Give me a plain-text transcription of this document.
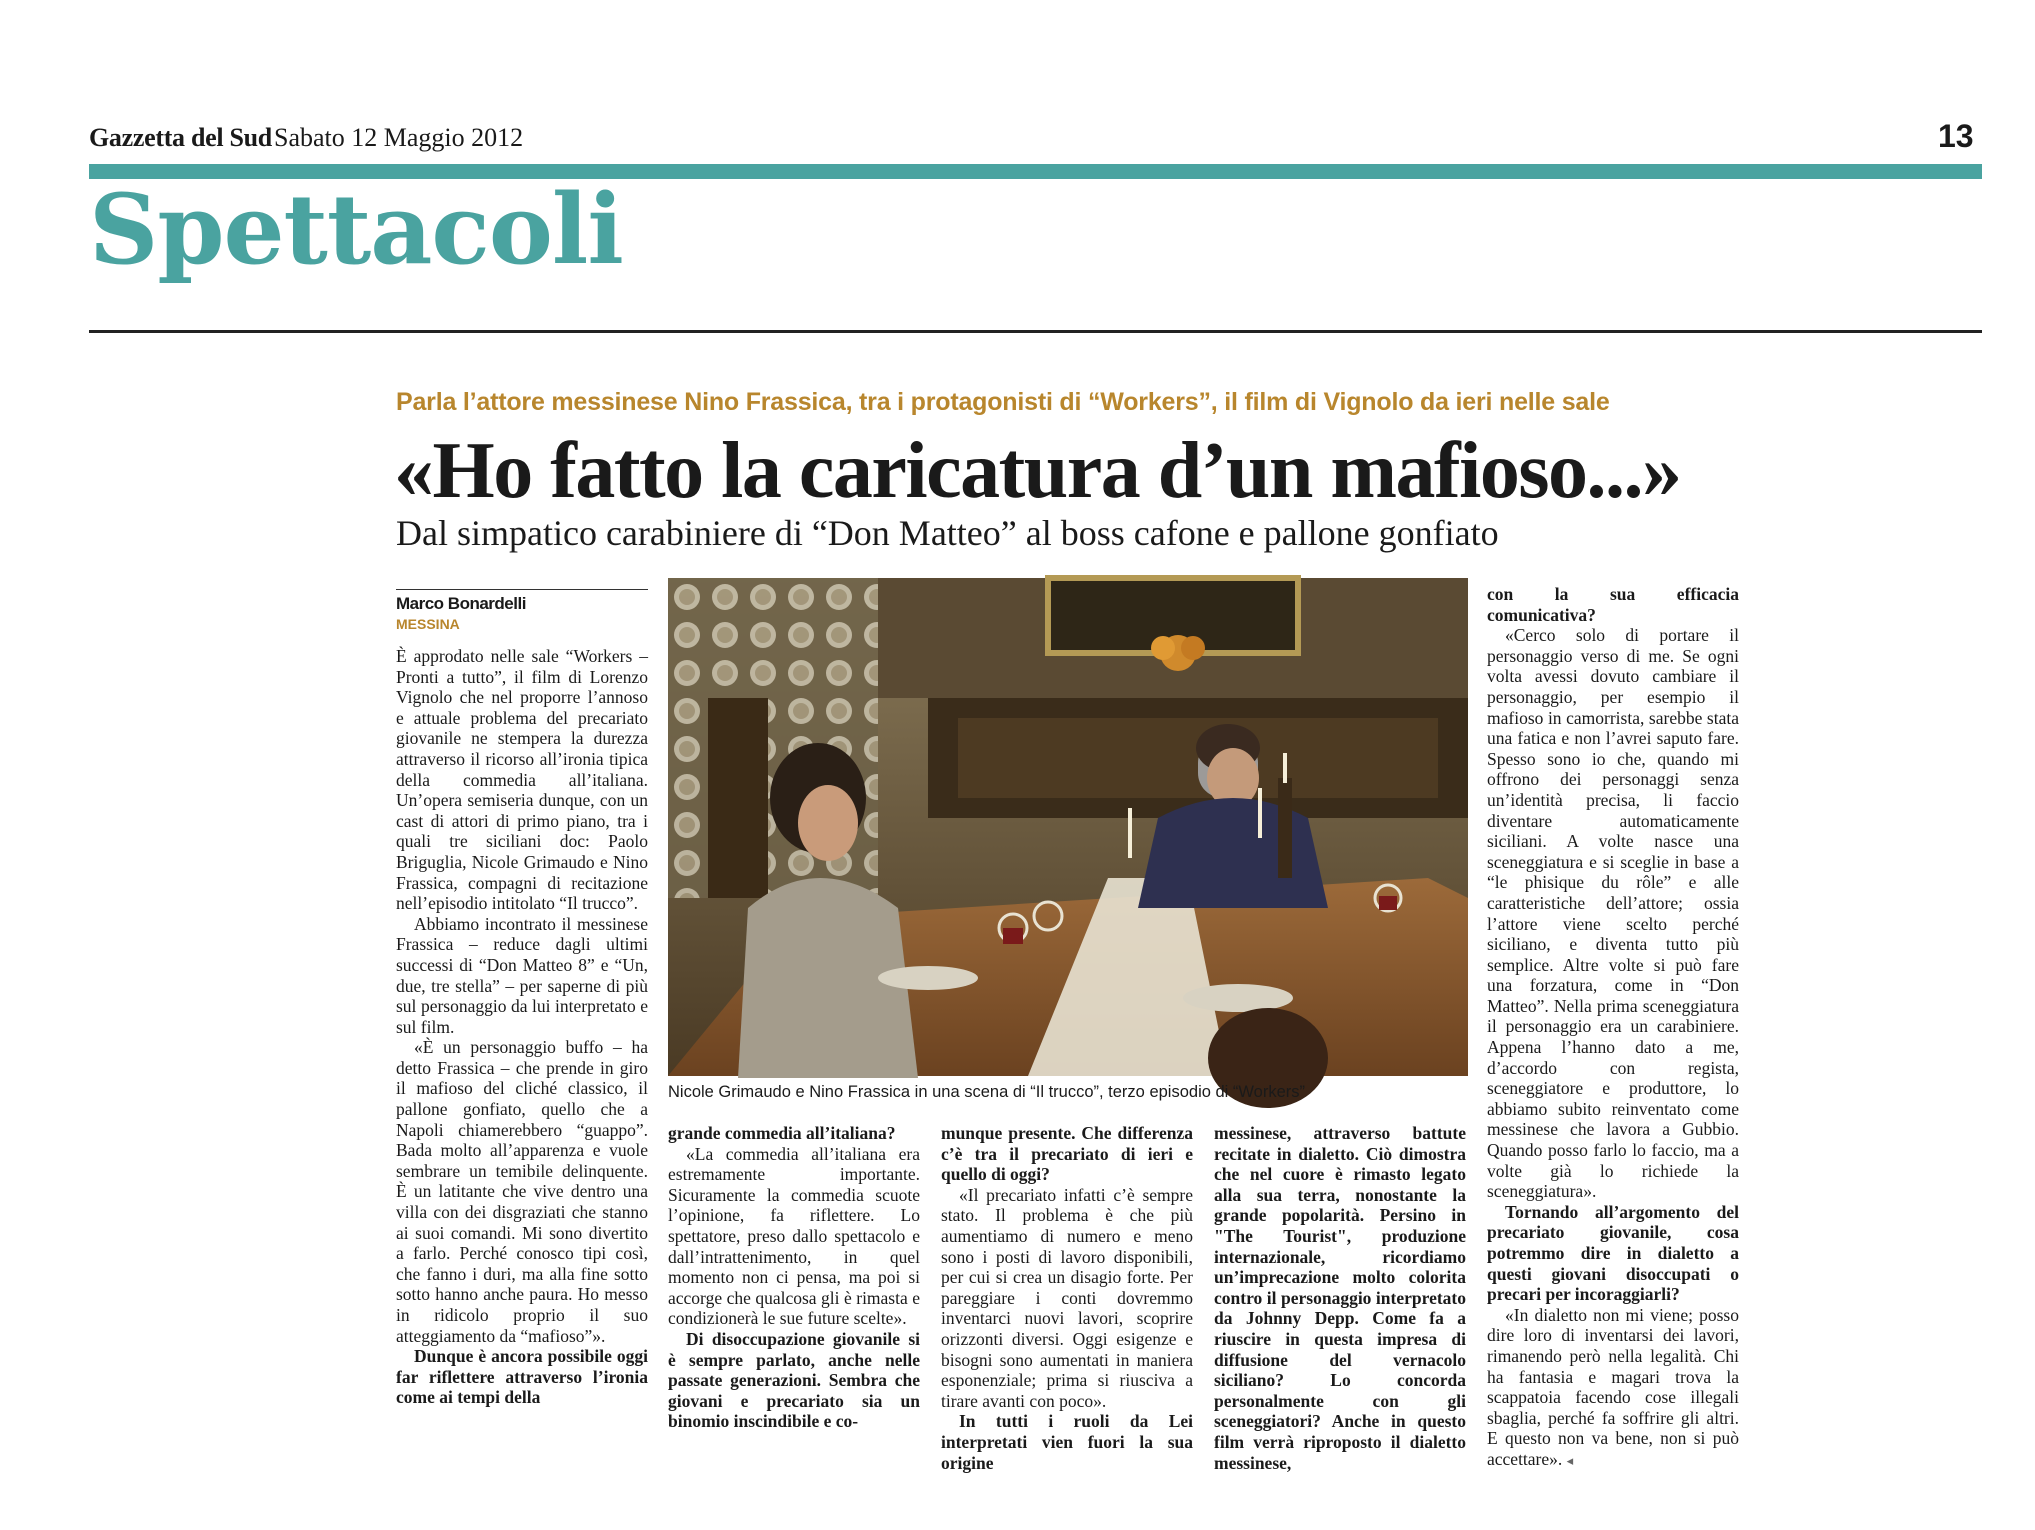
Gazzetta del Sud Sabato 12 Maggio 2012	13
Spettacoli
Parla l’attore messinese Nino Frassica, tra i protagonisti di “Workers”, il film di Vignolo da ieri nelle sale
«Ho fatto la caricatura d’un mafioso...»
Dal simpatico carabiniere di “Don Matteo” al boss cafone e pallone gonfiato
Marco Bonardelli
MESSINA
Nicole Grimaudo e Nino Frassica in una scena di “Il trucco”, terzo episodio di “Workers”

È approdato nelle sale “Workers – Pronti a tutto”, il film di Lorenzo Vignolo che nel proporre l’annoso e attuale problema del precariato giovanile ne stempera la durezza attraverso il ricorso all’ironia tipica della commedia all’italiana. Un’opera semiseria dunque, con un cast di attori di primo piano, tra i quali tre siciliani doc: Paolo Briguglia, Nicole Grimaudo e Nino Frassica, compagni di recitazione nell’episodio intitolato “Il trucco”.

Abbiamo incontrato il messinese Frassica – reduce dagli ultimi successi di “Don Matteo 8” e “Un, due, tre stella” – per saperne di più sul personaggio da lui interpretato e sul film.

«È un personaggio buffo – ha detto Frassica – che prende in giro il mafioso del cliché classico, il pallone gonfiato, quello che a Napoli chiamerebbero “guappo”. Bada molto all’apparenza e vuole sembrare un temibile delinquente. È un latitante che vive dentro una villa con dei disgraziati che stanno ai suoi comandi. Mi sono divertito a farlo. Perché conosco tipi così, che fanno i duri, ma alla fine sotto sotto hanno anche paura. Ho messo in ridicolo proprio il suo atteggiamento da “mafioso”».

Dunque è ancora possibile oggi far riflettere attraverso l’ironia come ai tempi della

grande commedia all’italiana?

«La commedia all’italiana era estremamente importante. Sicuramente la commedia scuote l’opinione, fa riflettere. Lo spettatore, preso dallo spettacolo e dall’intrattenimento, in quel momento non ci pensa, ma poi si accorge che qualcosa gli è rimasta e condizionerà le sue future scelte».

Di disoccupazione giovanile si è sempre parlato, anche nelle passate generazioni. Sembra che giovani e precariato sia un binomio inscindibile e co-

munque presente. Che differenza c’è tra il precariato di ieri e quello di oggi?

«Il precariato infatti c’è sempre stato. Il problema è che più aumentiamo di numero e meno sono i posti di lavoro disponibili, per cui si crea un disagio forte. Per pareggiare i conti dovremmo inventarci nuovi lavori, scoprire orizzonti diversi. Oggi esigenze e bisogni sono aumentati in maniera esponenziale; prima si riusciva a tirare avanti con poco».

In tutti i ruoli da Lei interpretati vien fuori la sua origine

messinese, attraverso battute recitate in dialetto. Ciò dimostra che nel cuore è rimasto legato alla sua terra, nonostante la grande popolarità. Persino in "The Tourist", produzione internazionale, ricordiamo un’imprecazione molto colorita contro il personaggio interpretato da Johnny Depp. Come fa a riuscire in questa impresa di diffusione del vernacolo siciliano? Lo concorda personalmente con gli sceneggiatori? Anche in questo film verrà riproposto il dialetto messinese,

con la sua efficacia comunicativa?

«Cerco solo di portare il personaggio verso di me. Se ogni volta avessi dovuto cambiare il personaggio, per esempio il mafioso in camorrista, sarebbe stata una fatica e non l’avrei saputo fare. Spesso sono io che, quando mi offrono dei personaggi senza un’identità precisa, li faccio diventare automaticamente siciliani. A volte nasce una sceneggiatura e si sceglie in base a “le phisique du rôle” e alle caratteristiche dell’attore; ossia l’attore viene scelto perché siciliano, e diventa tutto più semplice. Altre volte si può fare una forzatura, come in “Don Matteo”. Nella prima sceneggiatura il personaggio era un carabiniere. Appena l’hanno dato a me, d’accordo con regista, sceneggiatore e produttore, lo abbiamo subito reinventato come messinese che lavora a Gubbio. Quando posso farlo lo faccio, ma a volte già lo richiede la sceneggiatura».

Tornando all’argomento del precariato giovanile, cosa potremmo dire in dialetto a questi giovani disoccupati o precari per incoraggiarli?

«In dialetto non mi viene; posso dire loro di inventarsi dei lavori, rimanendo però nella legalità. Chi ha fantasia e magari trova la scappatoia facendo cose illegali sbaglia, perché fa soffrire gli altri. E questo non va bene, non si può accettare». ◂
